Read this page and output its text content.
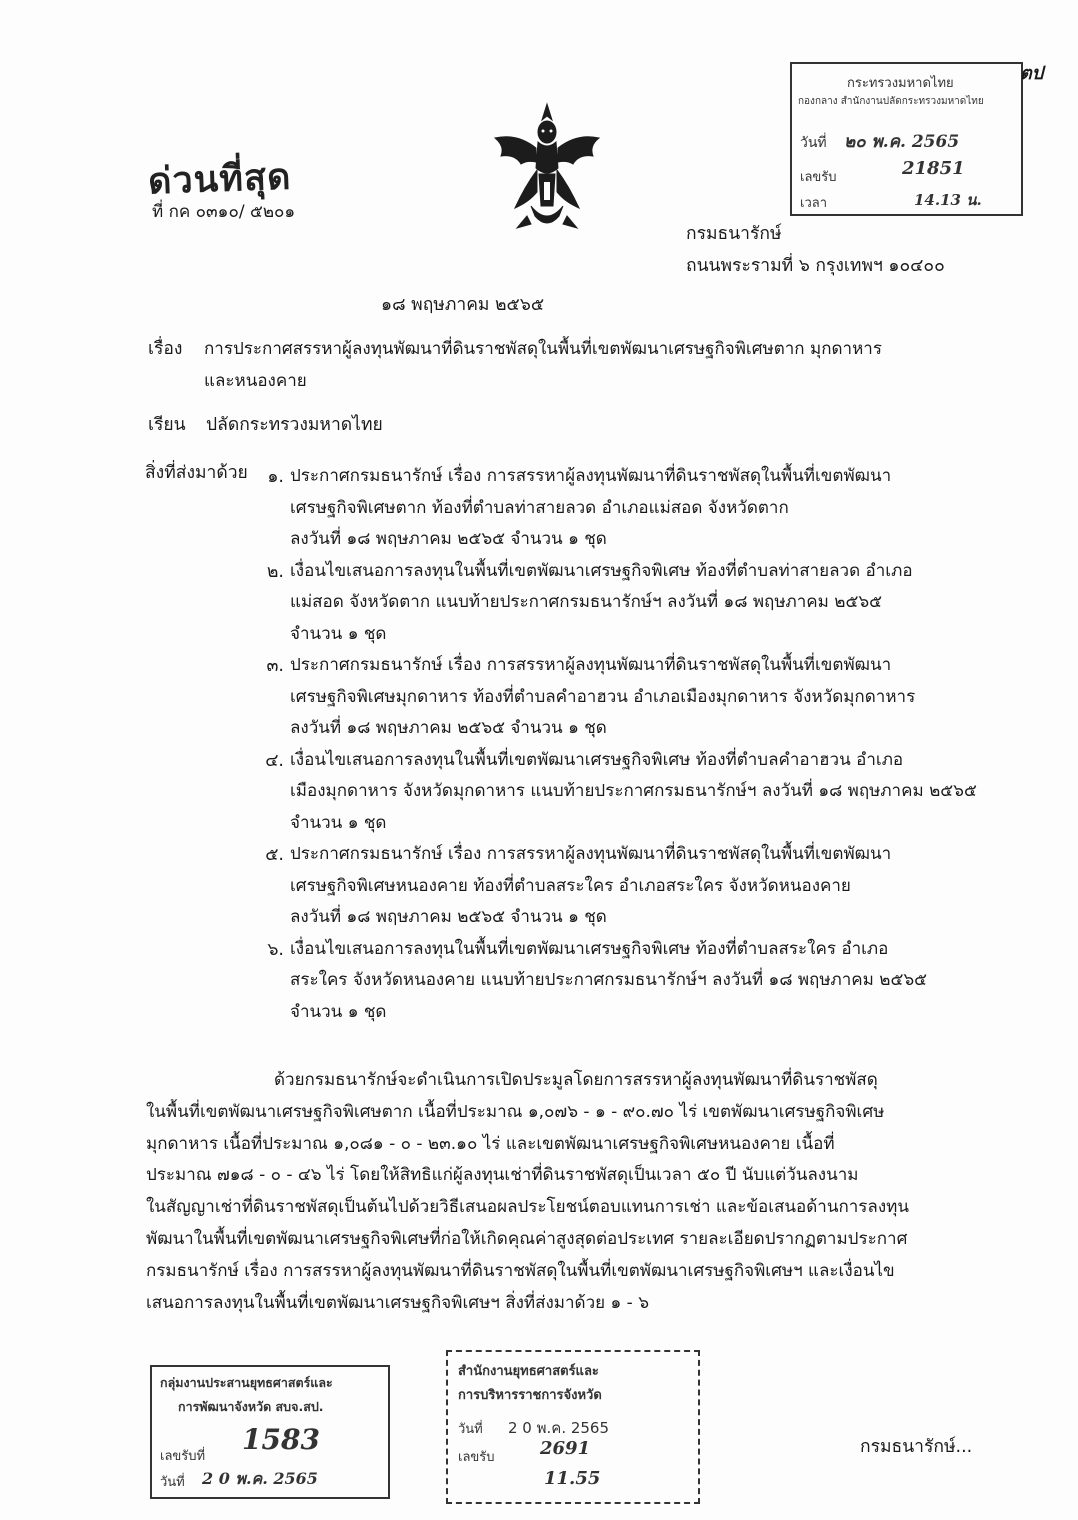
ด่วนที่สุด
ที่ กค ๐๓๑๐/ ๕๒๐๑
กรมธนารักษ์
ถนนพระรามที่ ๖ กรุงเทพฯ ๑๐๔๐๐
๑๘ พฤษภาคม ๒๕๖๕
กระทรวงมหาดไทย
กองกลาง สำนักงานปลัดกระทรวงมหาดไทย
วันที่ ๒๐ พ.ค. 2565
เลขรับ	21851
เวลา	14.13 น.
ตป
เรื่อง การประกาศสรรหาผู้ลงทุนพัฒนาที่ดินราชพัสดุในพื้นที่เขตพัฒนาเศรษฐกิจพิเศษตาก มุกดาหาร
และหนองคาย
เรียน ปลัดกระทรวงมหาดไทย
สิ่งที่ส่งมาด้วย	๑. ประกาศกรมธนารักษ์ เรื่อง การสรรหาผู้ลงทุนพัฒนาที่ดินราชพัสดุในพื้นที่เขตพัฒนา
เศรษฐกิจพิเศษตาก ท้องที่ตำบลท่าสายลวด อำเภอแม่สอด จังหวัดตาก
ลงวันที่ ๑๘ พฤษภาคม ๒๕๖๕ จำนวน ๑ ชุด
๒. เงื่อนไขเสนอการลงทุนในพื้นที่เขตพัฒนาเศรษฐกิจพิเศษ ท้องที่ตำบลท่าสายลวด อำเภอ
แม่สอด จังหวัดตาก แนบท้ายประกาศกรมธนารักษ์ฯ ลงวันที่ ๑๘ พฤษภาคม ๒๕๖๕
จำนวน ๑ ชุด
๓. ประกาศกรมธนารักษ์ เรื่อง การสรรหาผู้ลงทุนพัฒนาที่ดินราชพัสดุในพื้นที่เขตพัฒนา
เศรษฐกิจพิเศษมุกดาหาร ท้องที่ตำบลคำอาฮวน อำเภอเมืองมุกดาหาร จังหวัดมุกดาหาร
ลงวันที่ ๑๘ พฤษภาคม ๒๕๖๕ จำนวน ๑ ชุด
๔. เงื่อนไขเสนอการลงทุนในพื้นที่เขตพัฒนาเศรษฐกิจพิเศษ ท้องที่ตำบลคำอาฮวน อำเภอ
เมืองมุกดาหาร จังหวัดมุกดาหาร แนบท้ายประกาศกรมธนารักษ์ฯ ลงวันที่ ๑๘ พฤษภาคม ๒๕๖๕
จำนวน ๑ ชุด
๕. ประกาศกรมธนารักษ์ เรื่อง การสรรหาผู้ลงทุนพัฒนาที่ดินราชพัสดุในพื้นที่เขตพัฒนา
เศรษฐกิจพิเศษหนองคาย ท้องที่ตำบลสระใคร อำเภอสระใคร จังหวัดหนองคาย
ลงวันที่ ๑๘ พฤษภาคม ๒๕๖๕ จำนวน ๑ ชุด
๖. เงื่อนไขเสนอการลงทุนในพื้นที่เขตพัฒนาเศรษฐกิจพิเศษ ท้องที่ตำบลสระใคร อำเภอ
สระใคร จังหวัดหนองคาย แนบท้ายประกาศกรมธนารักษ์ฯ ลงวันที่ ๑๘ พฤษภาคม ๒๕๖๕
จำนวน ๑ ชุด
ด้วยกรมธนารักษ์จะดำเนินการเปิดประมูลโดยการสรรหาผู้ลงทุนพัฒนาที่ดินราชพัสดุ
ในพื้นที่เขตพัฒนาเศรษฐกิจพิเศษตาก เนื้อที่ประมาณ ๑,๐๗๖ - ๑ - ๙๐.๗๐ ไร่ เขตพัฒนาเศรษฐกิจพิเศษ
มุกดาหาร เนื้อที่ประมาณ ๑,๐๘๑ - ๐ - ๒๓.๑๐ ไร่ และเขตพัฒนาเศรษฐกิจพิเศษหนองคาย เนื้อที่
ประมาณ ๗๑๘ - ๐ - ๔๖ ไร่ โดยให้สิทธิแก่ผู้ลงทุนเช่าที่ดินราชพัสดุเป็นเวลา ๕๐ ปี นับแต่วันลงนาม
ในสัญญาเช่าที่ดินราชพัสดุเป็นต้นไปด้วยวิธีเสนอผลประโยชน์ตอบแทนการเช่า และข้อเสนอด้านการลงทุน
พัฒนาในพื้นที่เขตพัฒนาเศรษฐกิจพิเศษที่ก่อให้เกิดคุณค่าสูงสุดต่อประเทศ รายละเอียดปรากฏตามประกาศ
กรมธนารักษ์ เรื่อง การสรรหาผู้ลงทุนพัฒนาที่ดินราชพัสดุในพื้นที่เขตพัฒนาเศรษฐกิจพิเศษฯ และเงื่อนไข
เสนอการลงทุนในพื้นที่เขตพัฒนาเศรษฐกิจพิเศษฯ สิ่งที่ส่งมาด้วย ๑ - ๖
กลุ่มงานประสานยุทธศาสตร์และ
การพัฒนาจังหวัด สบจ.สป.
เลขรับที่
1583
วันที่ 2 0 พ.ค. 2565
สำนักงานยุทธศาสตร์และ
การบริหารราชการจังหวัด
วันที่ 2 0 พ.ค. 2565
เลขรับ	2691
11.55
กรมธนารักษ์...
